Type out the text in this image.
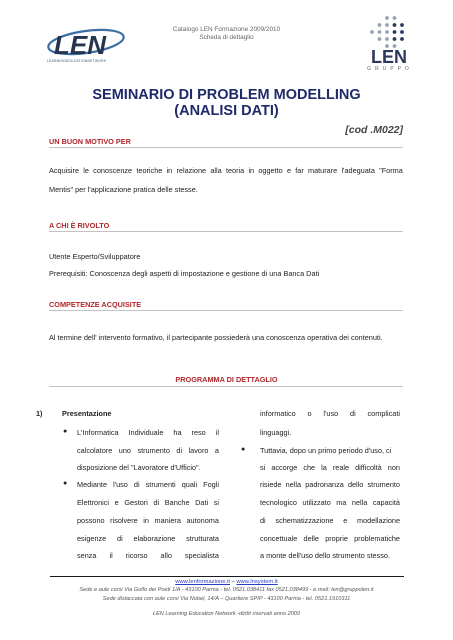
LEN
LEARNINGEDUCATIONNETWORK
Catalogo LEN Formazione 2009/2010
Scheda di dettaglio
LEN
GRUPPO
SEMINARIO DI PROBLEM MODELLING
(ANALISI DATI)
[cod .M022]
UN BUON MOTIVO PER
Acquisire le conoscenze teoriche in relazione alla teoria in oggetto e far maturare l'adeguata "Forma
Mentis" per l'applicazione pratica delle stesse.
A CHI È RIVOLTO
Utente Esperto/Sviluppatore
Prerequisiti: Conoscenza degli aspetti di impostazione e gestione di una Banca Dati
COMPETENZE ACQUISITE
Al termine dell' intervento formativo, il partecipante possiederà una conoscenza operativa dei contenuti.
PROGRAMMA DI DETTAGLIO
1)	Presentazione
●
●
●
L'Informatica Individuale ha reso il
calcolatore uno strumento di lavoro a
disposizione del "Lavoratore d'Ufficio".
Mediante l'uso di strumenti quali Fogli
Elettronici e Gestori di Banche Dati si
possono risolvere in maniera autonoma
esigenze di elaborazione strutturata
senza il ricorso allo specialista
informatico o l'uso di complicati
linguaggi.
Tuttavia, dopo un primo periodo d'uso, ci
si accorge che la reale difficoltà non
risiede nella padronanza dello strumento
tecnologico utilizzato ma nella capacità
di schematizzazione e modellazione
concettuale delle proprie problematiche
a monte dell'uso dello strumento stesso.
www.lenformazione.it – www.lnsystem.it
Sede e aule corsi Via Golfo dei Poeti 1/A - 43100 Parma - tel. 0521.038411 fax 0521.038499 - e.mail: len@gruppolen.it
Sede distaccata con aule corsi Via Nobel, 14/A – Quartiere SPIP - 43100 Parma - tel. 0521.1910311
LEN Learning Education Network -diritti riservati anno 2009
